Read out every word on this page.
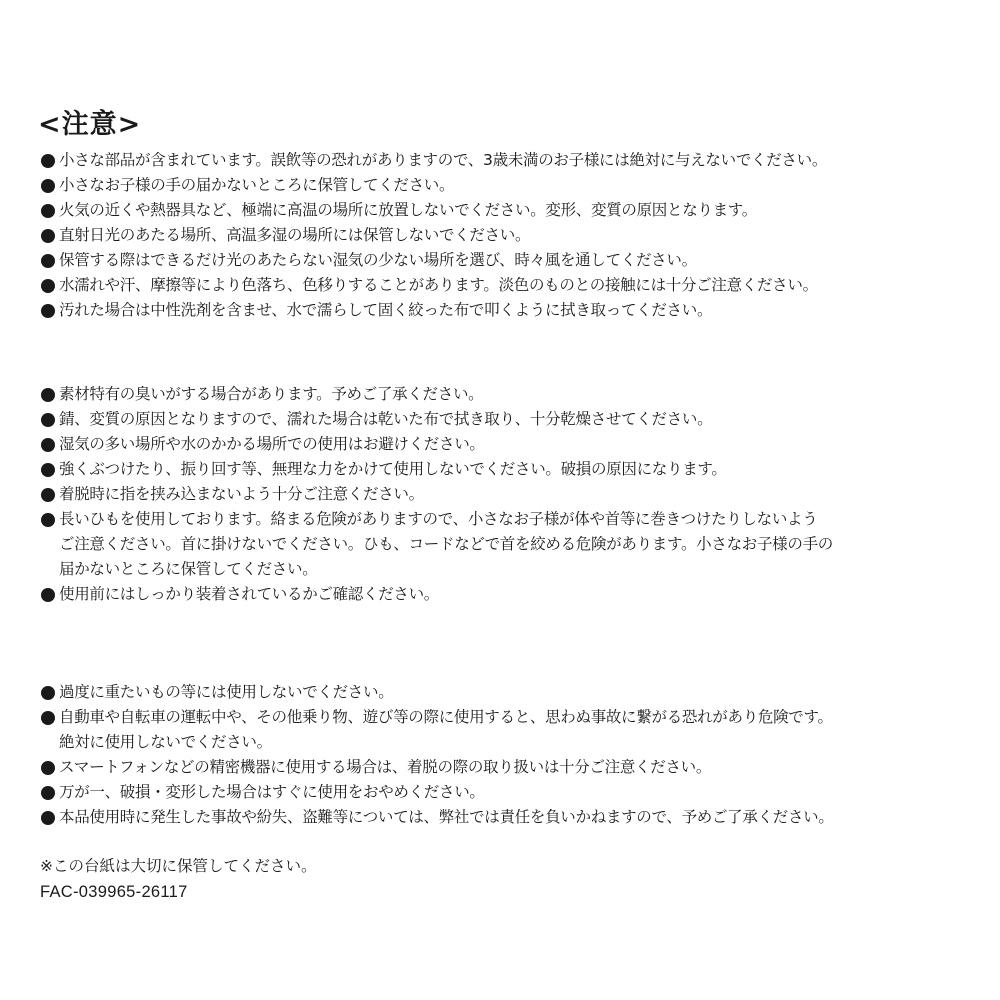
<注意>
小さな部品が含まれています。誤飲等の恐れがありますので、3歳未満のお子様には絶対に与えないでください。
小さなお子様の手の届かないところに保管してください。
火気の近くや熱器具など、極端に高温の場所に放置しないでください。変形、変質の原因となります。
直射日光のあたる場所、高温多湿の場所には保管しないでください。
保管する際はできるだけ光のあたらない湿気の少ない場所を選び、時々風を通してください。
水濡れや汗、摩擦等により色落ち、色移りすることがあります。淡色のものとの接触には十分ご注意ください。
汚れた場合は中性洗剤を含ませ、水で濡らして固く絞った布で叩くように拭き取ってください。
素材特有の臭いがする場合があります。予めご了承ください。
錆、変質の原因となりますので、濡れた場合は乾いた布で拭き取り、十分乾燥させてください。
湿気の多い場所や水のかかる場所での使用はお避けください。
強くぶつけたり、振り回す等、無理な力をかけて使用しないでください。破損の原因になります。
着脱時に指を挟み込まないよう十分ご注意ください。
長いひもを使用しております。絡まる危険がありますので、小さなお子様が体や首等に巻きつけたりしないよう
ご注意ください。首に掛けないでください。ひも、コードなどで首を絞める危険があります。小さなお子様の手の
届かないところに保管してください。
使用前にはしっかり装着されているかご確認ください。
過度に重たいもの等には使用しないでください。
自動車や自転車の運転中や、その他乗り物、遊び等の際に使用すると、思わぬ事故に繋がる恐れがあり危険です。
絶対に使用しないでください。
スマートフォンなどの精密機器に使用する場合は、着脱の際の取り扱いは十分ご注意ください。
万が一、破損・変形した場合はすぐに使用をおやめください。
本品使用時に発生した事故や紛失、盗難等については、弊社では責任を負いかねますので、予めご了承ください。
※この台紙は大切に保管してください。
FAC-039965-26117
